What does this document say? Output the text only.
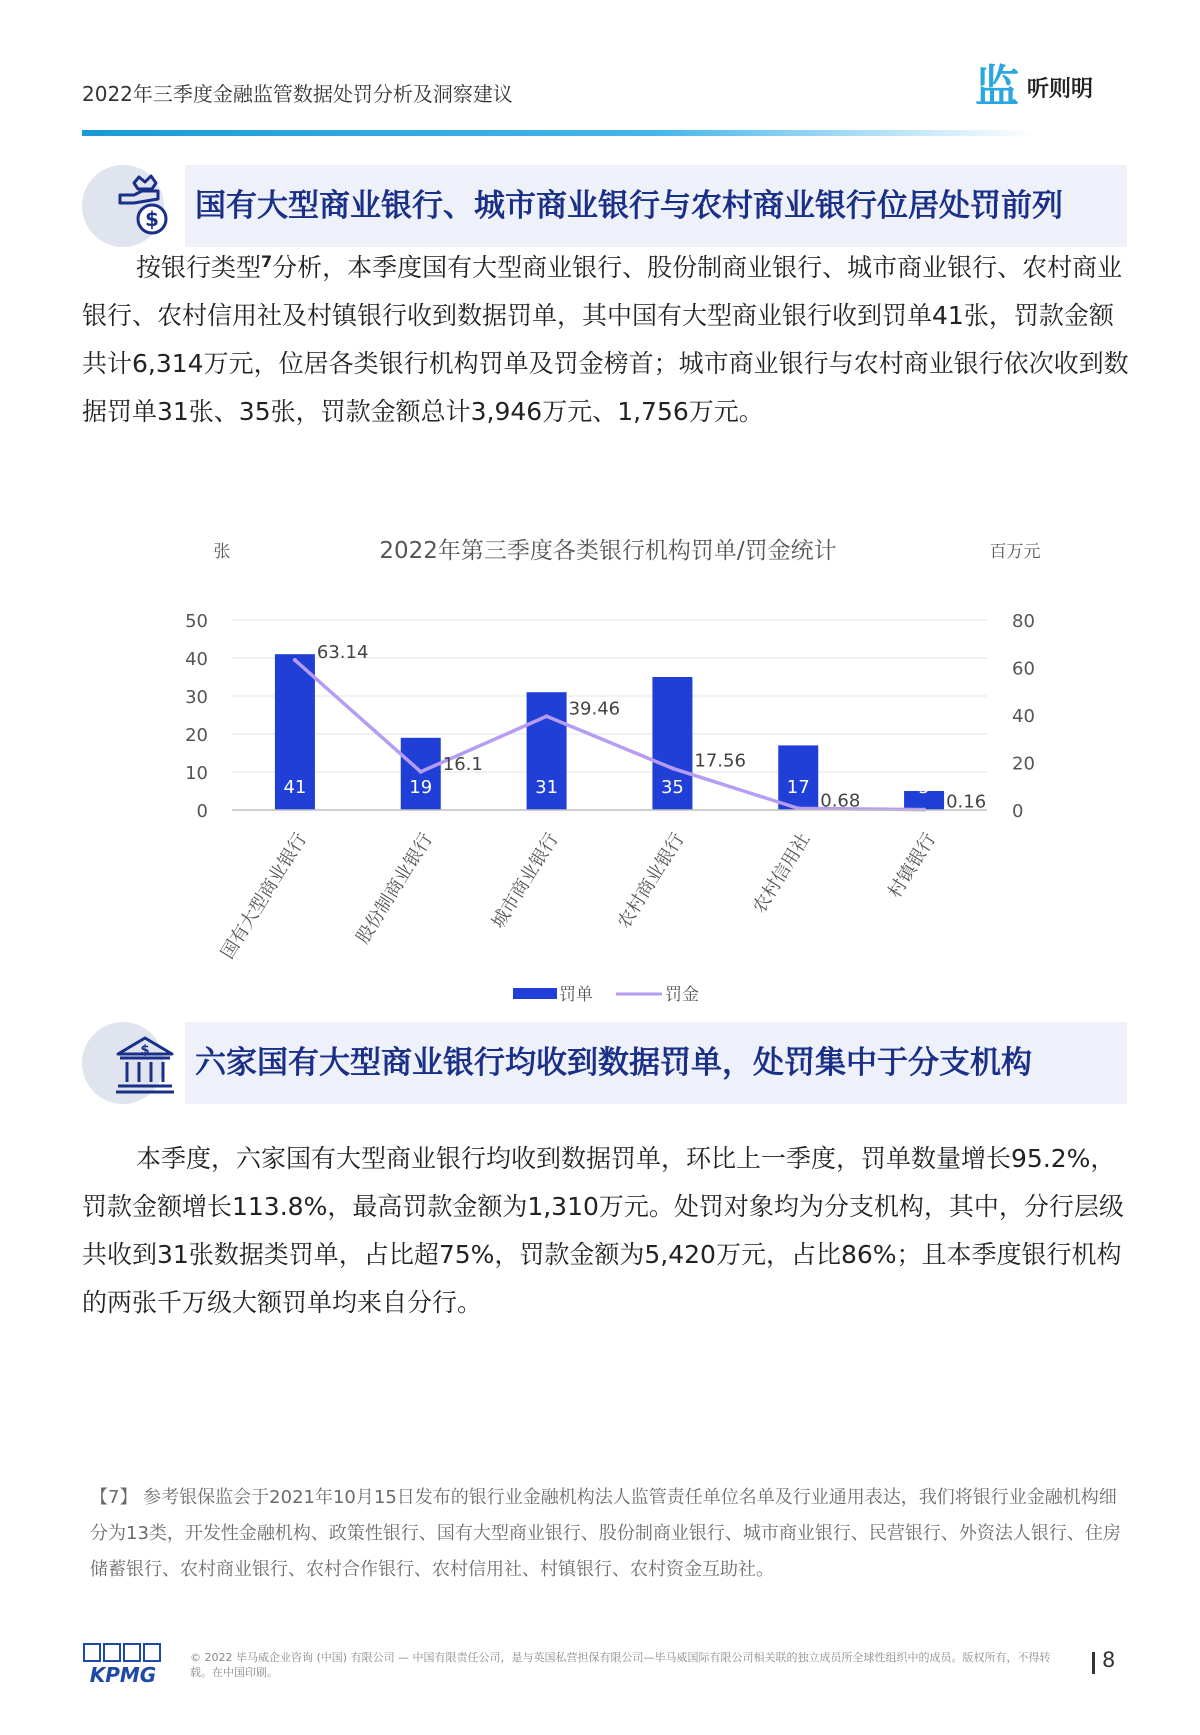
2022年三季度金融监管数据处罚分析及洞察建议	监 听则明
$ 国有大型商业银行、城市商业银行与农村商业银行位居处罚前列
按银行类型$^7$分析，本季度国有大型商业银行、股份制商业银行、城市商业银行、农村商业银行、农村信用社及村镇银行收到数据罚单，其中国有大型商业银行收到罚单41张，罚款金额共计6,314万元，位居各类银行机构罚单及罚金榜首；城市商业银行与农村商业银行依次收到数据罚单31张、35张，罚款金额总计3,946万元、1,756万元。
2022年第三季度各类银行机构罚单/罚金统计
张	百万元
41	19	31	35	17	5
63.14
16.1
39.46
17.56
0.68	0.16
0
10
20
30
40
50
0
20
40
60
80
国有大型商业银行 股份制商业银行	城市商业银行	农村商业银行	农村信用社	村镇银行
罚单	罚金
$ 六家国有大型商业银行均收到数据罚单，处罚集中于分支机构
本季度，六家国有大型商业银行均收到数据罚单，环比上一季度，罚单数量增长95.2%，罚款金额增长113.8%，最高罚款金额为1,310万元。处罚对象均为分支机构，其中，分行层级共收到31张数据类罚单，占比超75%，罚款金额为5,420万元，占比86%；且本季度银行机构的两张千万级大额罚单均来自分行。
【7】 参考银保监会于2021年10月15日发布的银行业金融机构法人监管责任单位名单及行业通用表达，我们将银行业金融机构细分为13类，开发性金融机构、政策性银行、国有大型商业银行、股份制商业银行、城市商业银行、民营银行、外资法人银行、住房储蓄银行、农村商业银行、农村合作银行、农村信用社、村镇银行、农村资金互助社。
KPMG
© 2022 毕马威企业咨询 (中国) 有限公司 — 中国有限责任公司，是与英国私营担保有限公司—毕马威国际有限公司相关联的独立成员所全球性组织中的成员。版权所有，不得转载。在中国印刷。
8
